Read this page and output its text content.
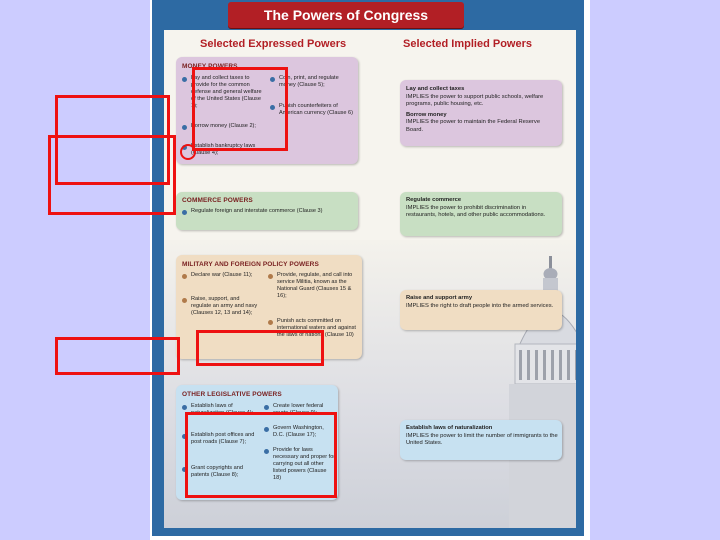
The Powers of Congress
Selected Expressed Powers	Selected Implied Powers
MONEY POWERS
Lay and collect taxes to provide for the common defense and general welfare of the United States (Clause 1);
Coin, print, and regulate money (Clause 5);
Borrow money (Clause 2);
Punish counterfeiters of American currency (Clause 6)
Establish bankruptcy laws (Clause 4);
Lay and collect taxes
IMPLIES the power to support public schools, welfare programs, public housing, etc.
Borrow money
IMPLIES the power to maintain the Federal Reserve Board.
COMMERCE POWERS
Regulate foreign and interstate commerce (Clause 3)
Regulate commerce
IMPLIES the power to prohibit discrimination in restaurants, hotels, and other public accommodations.
MILITARY AND FOREIGN POLICY POWERS
Declare war (Clause 11);	Provide, regulate, and call into service Militia, known as the National Guard (Clauses 15 & 16);
Raise, support, and regulate an army and navy (Clauses 12, 13 and 14);
Punish acts committed on international waters and against the laws of nations (Clause 10)
Raise and support army
IMPLIES the right to draft people into the armed services.
OTHER LEGISLATIVE POWERS
Establish laws of naturalization (Clause 4);
Create lower federal courts (Clause 9);
Establish post offices and post roads (Clause 7);
Govern Washington, D.C. (Clause 17);
Grant copyrights and patents (Clause 8);
Provide for laws necessary and proper for carrying out all other listed powers (Clause 18)
Establish laws of naturalization
IMPLIES the power to limit the number of immigrants to the United States.
